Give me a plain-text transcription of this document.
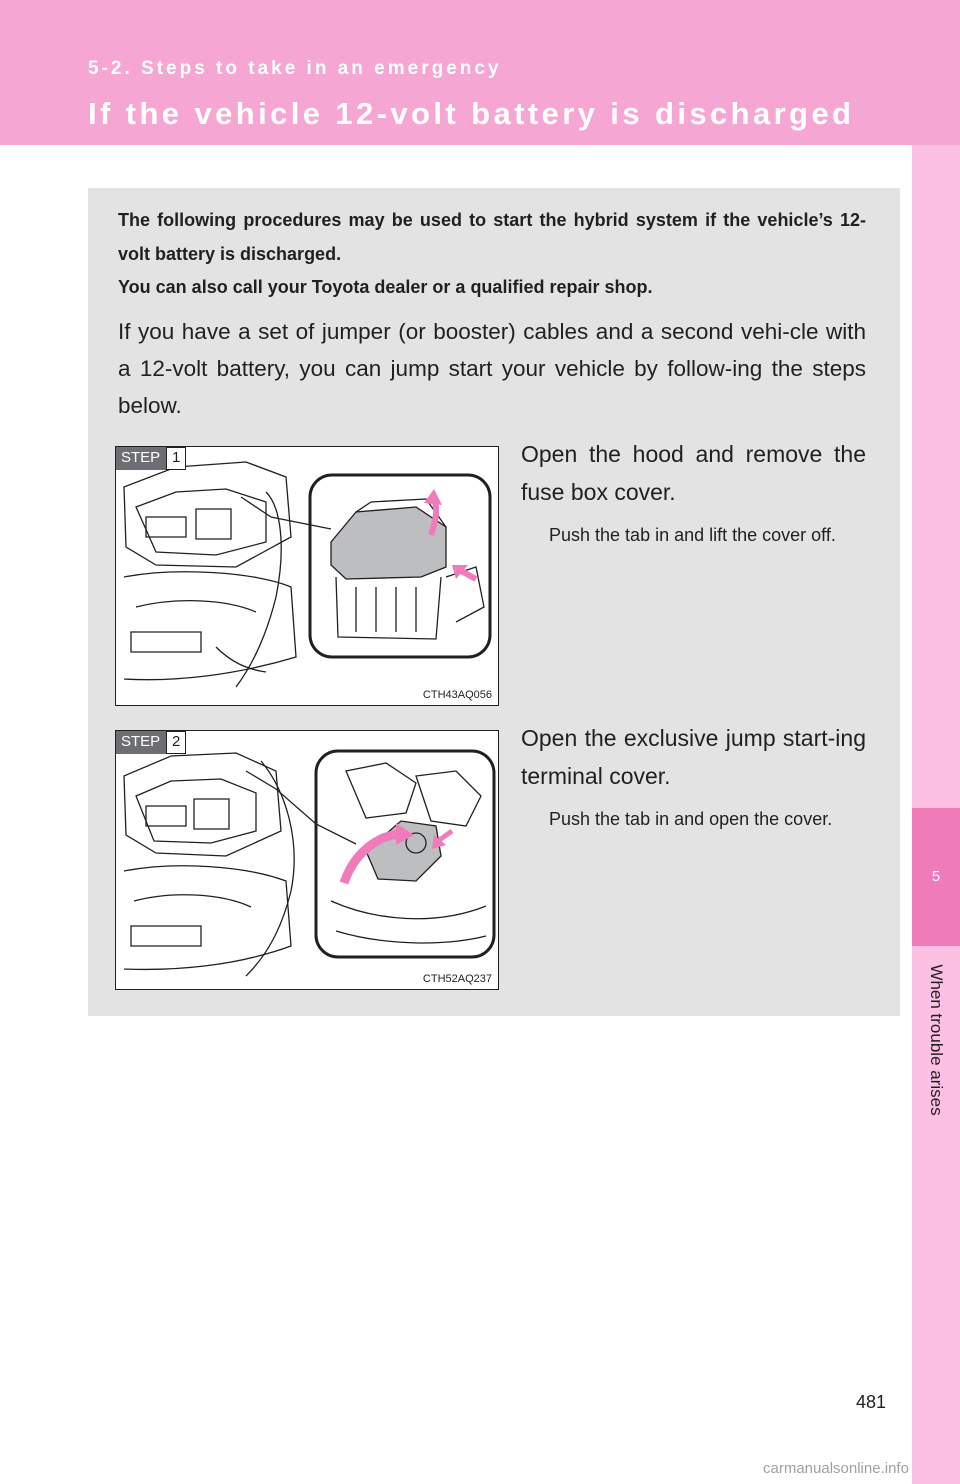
5-2. Steps to take in an emergency
If the vehicle 12-volt battery is discharged
5
When trouble arises

The following procedures may be used to start the hybrid system if the vehicle’s 12-volt battery is discharged.

You can also call your Toyota dealer or a qualified repair shop.

If you have a set of jumper (or booster) cables and a second vehi-cle with a 12-volt battery, you can jump start your vehicle by follow-ing the steps below.

STEP 1
CTH43AQ056

Open the hood and remove the fuse box cover.

Push the tab in and lift the cover off.

STEP 2
CTH52AQ237

Open the exclusive jump start-ing terminal cover.

Push the tab in and open the cover.

481
carmanualsonline.info
